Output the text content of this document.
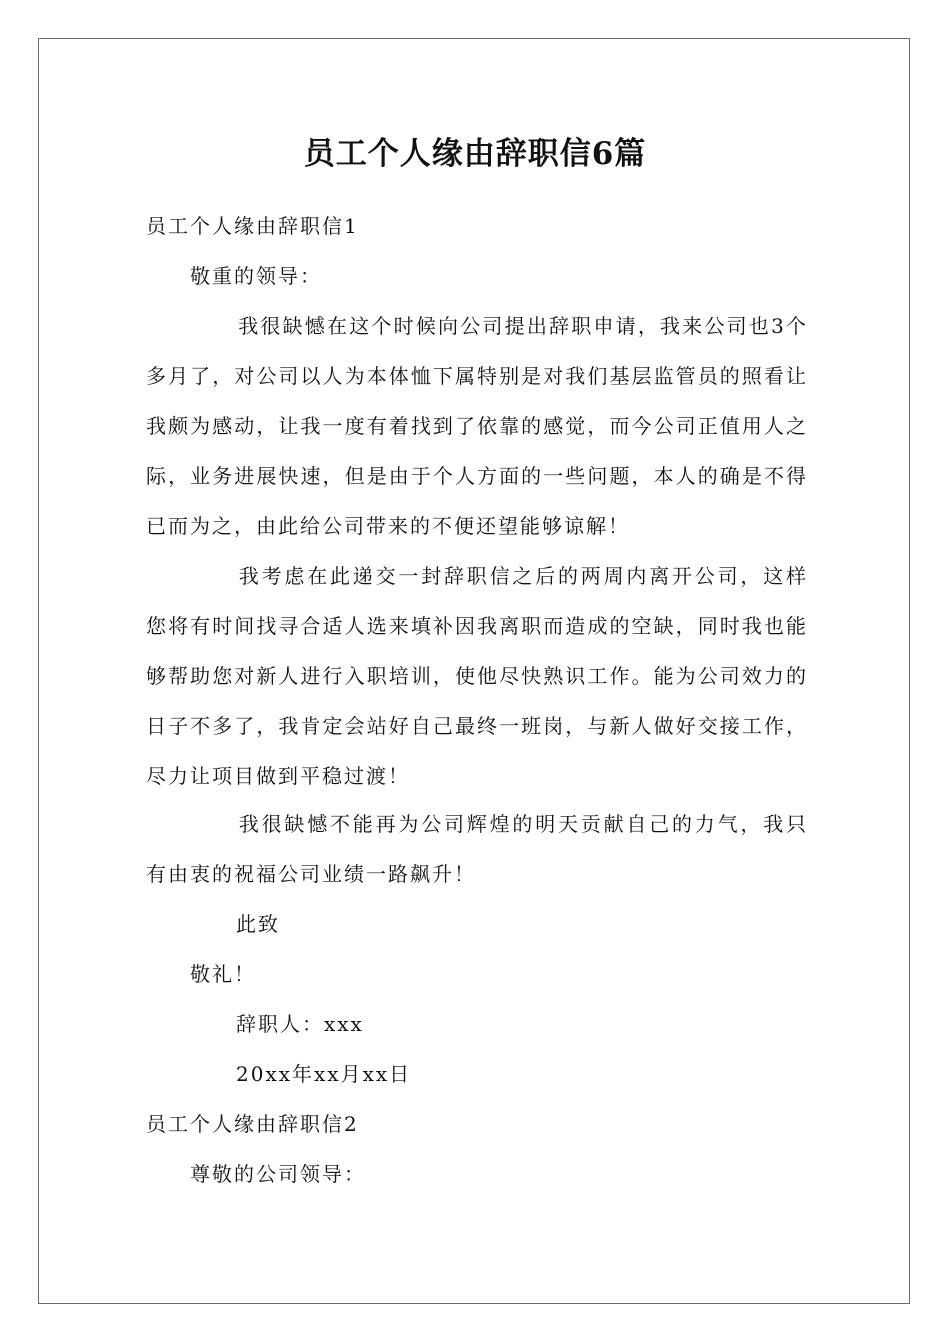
员工个人缘由辞职信6篇
员工个人缘由辞职信1
敬重的领导：
我很缺憾在这个时候向公司提出辞职申请，我来公司也3个多月了，对公司以人为本体恤下属特别是对我们基层监管员的照看让我颇为感动，让我一度有着找到了依靠的感觉，而今公司正值用人之际，业务进展快速，但是由于个人方面的一些问题，本人的确是不得已而为之，由此给公司带来的不便还望能够谅解！
我考虑在此递交一封辞职信之后的两周内离开公司，这样您将有时间找寻合适人选来填补因我离职而造成的空缺，同时我也能够帮助您对新人进行入职培训，使他尽快熟识工作。能为公司效力的日子不多了，我肯定会站好自己最终一班岗，与新人做好交接工作，尽力让项目做到平稳过渡！
我很缺憾不能再为公司辉煌的明天贡献自己的力气，我只有由衷的祝福公司业绩一路飙升！
此致
敬礼！
辞职人：xxx
20xx年xx月xx日
员工个人缘由辞职信2
尊敬的公司领导：
